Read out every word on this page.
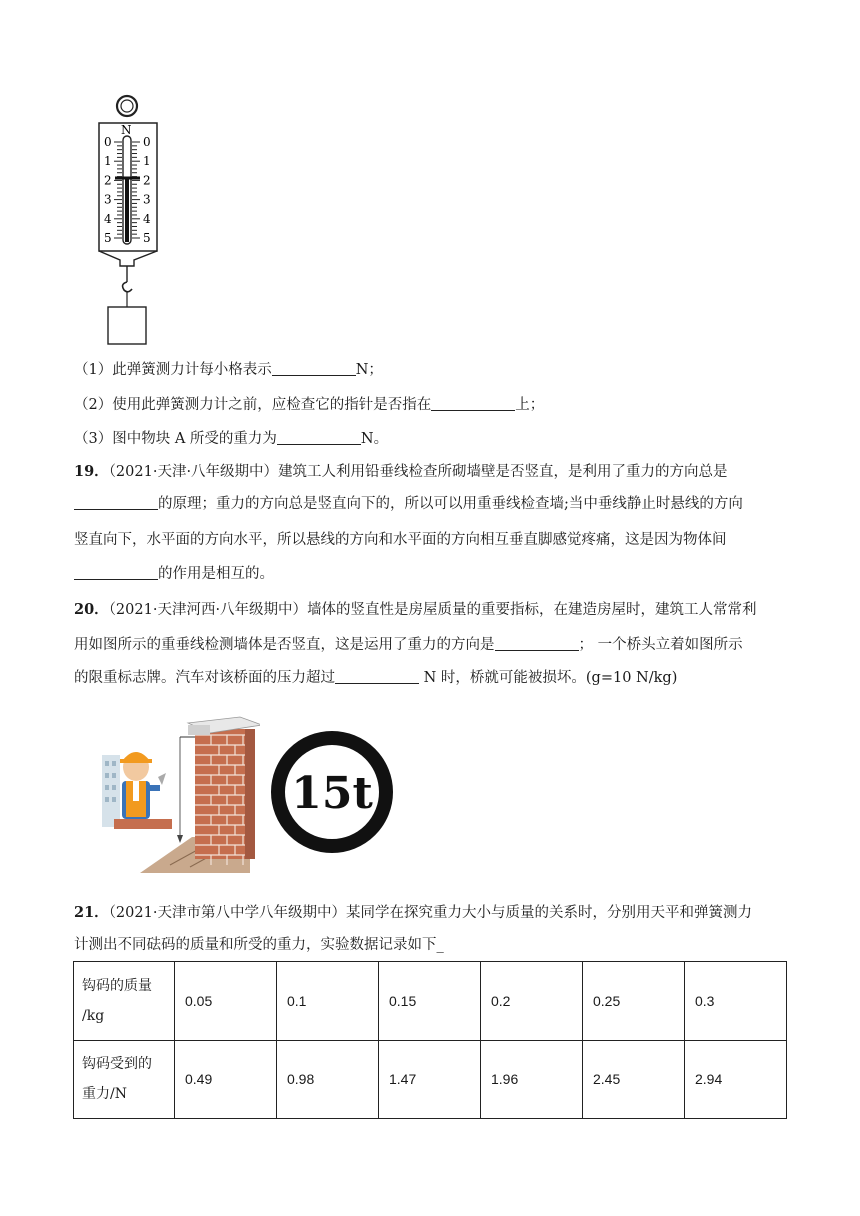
N
0
1
2
3
4
5
0
1
2
3
4
5
（1）此弹簧测力计每小格表示	N；
（2）使用此弹簧测力计之前，应检查它的指针是否指在	上；
（3）图中物块 A 所受的重力为	N。
19．（2021·天津·八年级期中）建筑工人利用铅垂线检查所砌墙壁是否竖直，是利用了重力的方向总是
的原理；重力的方向总是竖直向下的，所以可以用重垂线检查墙;当中垂线静止时悬线的方向
竖直向下，水平面的方向水平，所以悬线的方向和水平面的方向相互垂直脚感觉疼痛，这是因为物体间
的作用是相互的。
20．（2021·天津河西·八年级期中）墙体的竖直性是房屋质量的重要指标，在建造房屋时，建筑工人常常利
用如图所示的重垂线检测墙体是否竖直，这是运用了重力的方向是	； 一个桥头立着如图所示
的限重标志牌。汽车对该桥面的压力超过	N 时，桥就可能被损坏。(g=10 N/kg)
15t
21．（2021·天津市第八中学八年级期中）某同学在探究重力大小与质量的关系时，分别用天平和弹簧测力
计测出不同砝码的质量和所受的重力，实验数据记录如下_
钩码的质量
/kg	0.05	0.1	0.15	0.2	0.25	0.3
钩码受到的
重力/N	0.49	0.98	1.47	1.96	2.45	2.94
